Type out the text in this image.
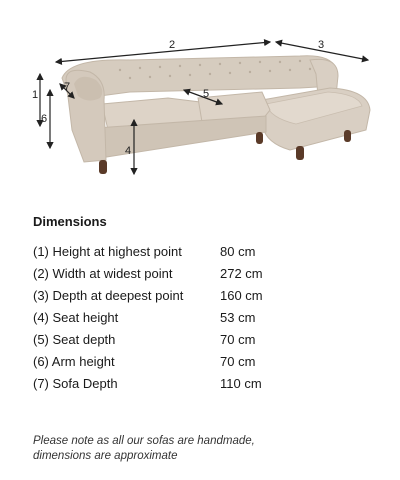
2	3
1
7
6
5
4
Dimensions
(1) Height at highest point	80 cm
(2) Width at widest point	272 cm
(3) Depth at deepest point	160 cm
(4) Seat height	53 cm
(5) Seat depth	70 cm
(6) Arm height	70 cm
(7) Sofa Depth	110 cm
Please note as all our sofas are handmade,
dimensions are approximate
